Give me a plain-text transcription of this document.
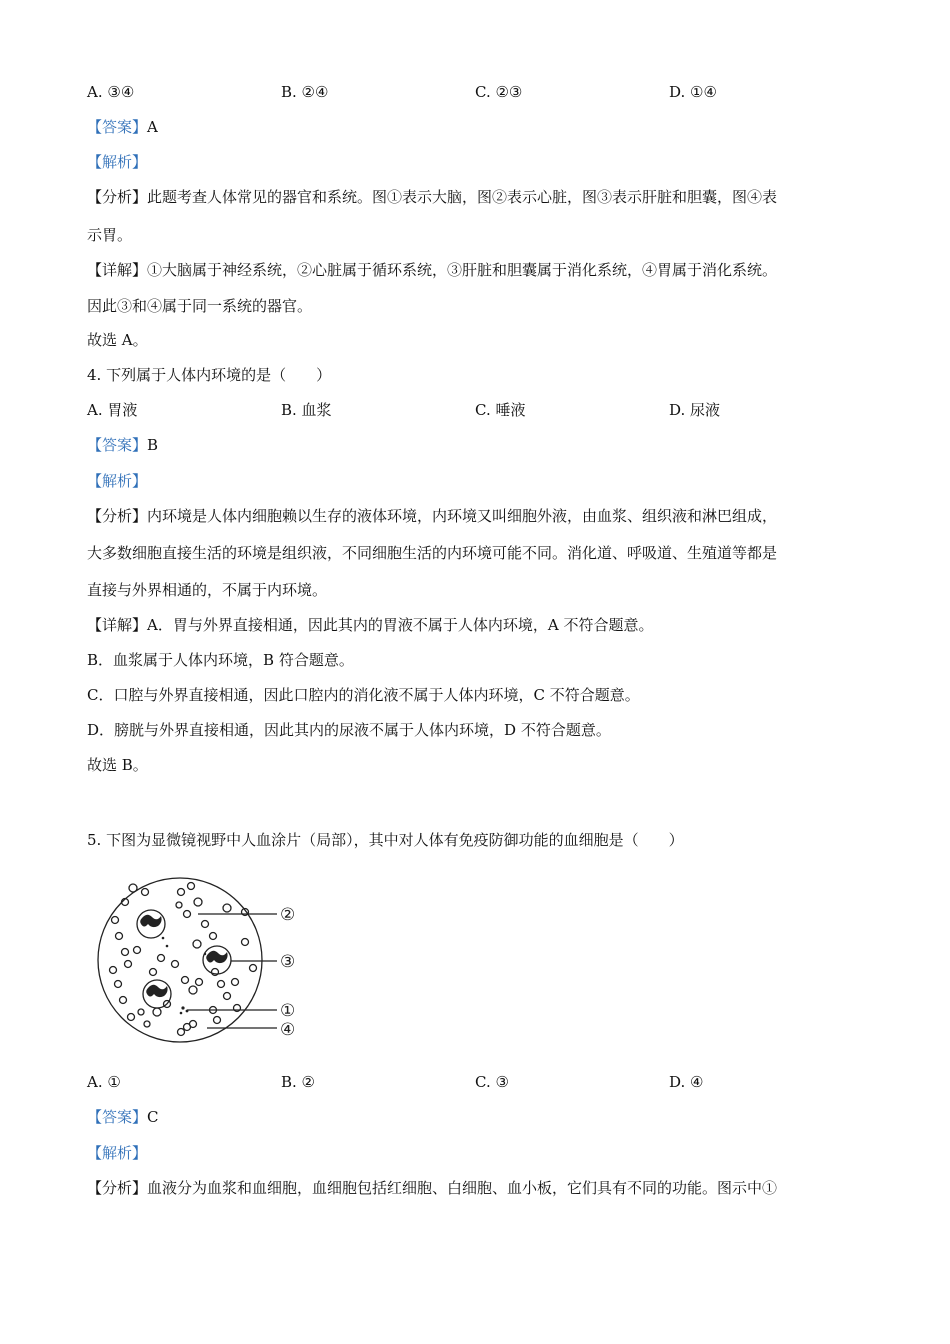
A. ③④	B. ②④	C. ②③	D. ①④
【答案】A
【解析】
【分析】此题考查人体常见的器官和系统。图①表示大脑，图②表示心脏，图③表示肝脏和胆囊，图④表
示胃。
【详解】①大脑属于神经系统，②心脏属于循环系统，③肝脏和胆囊属于消化系统，④胃属于消化系统。
因此③和④属于同一系统的器官。
故选 A。
4. 下列属于人体内环境的是（　　）
A. 胃液	B. 血浆	C. 唾液	D. 尿液
【答案】B
【解析】
【分析】内环境是人体内细胞赖以生存的液体环境，内环境又叫细胞外液，由血浆、组织液和淋巴组成，
大多数细胞直接生活的环境是组织液，不同细胞生活的内环境可能不同。消化道、呼吸道、生殖道等都是
直接与外界相通的，不属于内环境。
【详解】A．胃与外界直接相通，因此其内的胃液不属于人体内环境，A 不符合题意。
B．血浆属于人体内环境，B 符合题意。
C．口腔与外界直接相通，因此口腔内的消化液不属于人体内环境，C 不符合题意。
D．膀胱与外界直接相通，因此其内的尿液不属于人体内环境，D 不符合题意。
故选 B。
5. 下图为显微镜视野中人血涂片（局部），其中对人体有免疫防御功能的血细胞是（　　）
②
③
①
④
A. ①	B. ②	C. ③	D. ④
【答案】C
【解析】
【分析】血液分为血浆和血细胞，血细胞包括红细胞、白细胞、血小板，它们具有不同的功能。图示中①
